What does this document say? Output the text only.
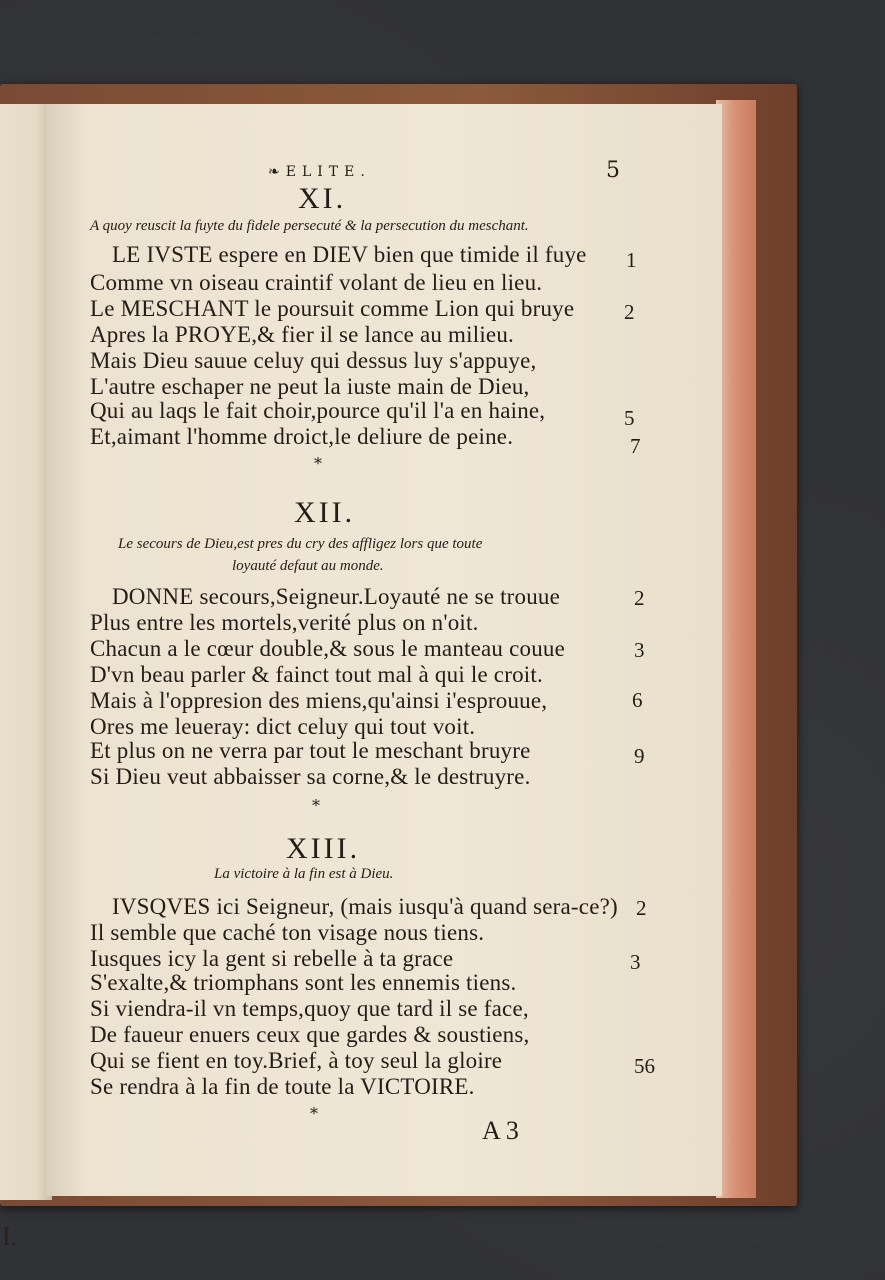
I.
❧ELITE.	5
XI.
A quoy reuscit la fuyte du fidele persecuté & la persecution du meschant.
LE IVSTE espere en DIEV bien que timide il fuye
Comme vn oiseau craintif volant de lieu en lieu.
Le MESCHANT le poursuit comme Lion qui bruye
Apres la PROYE,& fier il se lance au milieu.
Mais Dieu sauue celuy qui dessus luy s'appuye,
L'autre eschaper ne peut la iuste main de Dieu,
Qui au laqs le fait choir,pource qu'il l'a en haine,
Et,aimant l'homme droict,le deliure de peine.
1
2
5
7
*
XII.
Le secours de Dieu,est pres du cry des affligez lors que toute
loyauté defaut au monde.
DONNE secours,Seigneur.Loyauté ne se trouue
Plus entre les mortels,verité plus on n'oit.
Chacun a le cœur double,& sous le manteau couue
D'vn beau parler & fainct tout mal à qui le croit.
Mais à l'oppresion des miens,qu'ainsi i'esprouue,
Ores me leueray: dict celuy qui tout voit.
Et plus on ne verra par tout le meschant bruyre
Si Dieu veut abbaisser sa corne,& le destruyre.
2
3
6
9
*
XIII.
La victoire à la fin est à Dieu.
IVSQVES ici Seigneur, (mais iusqu'à quand sera-ce?)
Il semble que caché ton visage nous tiens.
Iusques icy la gent si rebelle à ta grace
S'exalte,& triomphans sont les ennemis tiens.
Si viendra-il vn temps,quoy que tard il se face,
De faueur enuers ceux que gardes & soustiens,
Qui se fient en toy.Brief, à toy seul la gloire
Se rendra à la fin de toute la VICTOIRE.
2
3
56
*
A 3
